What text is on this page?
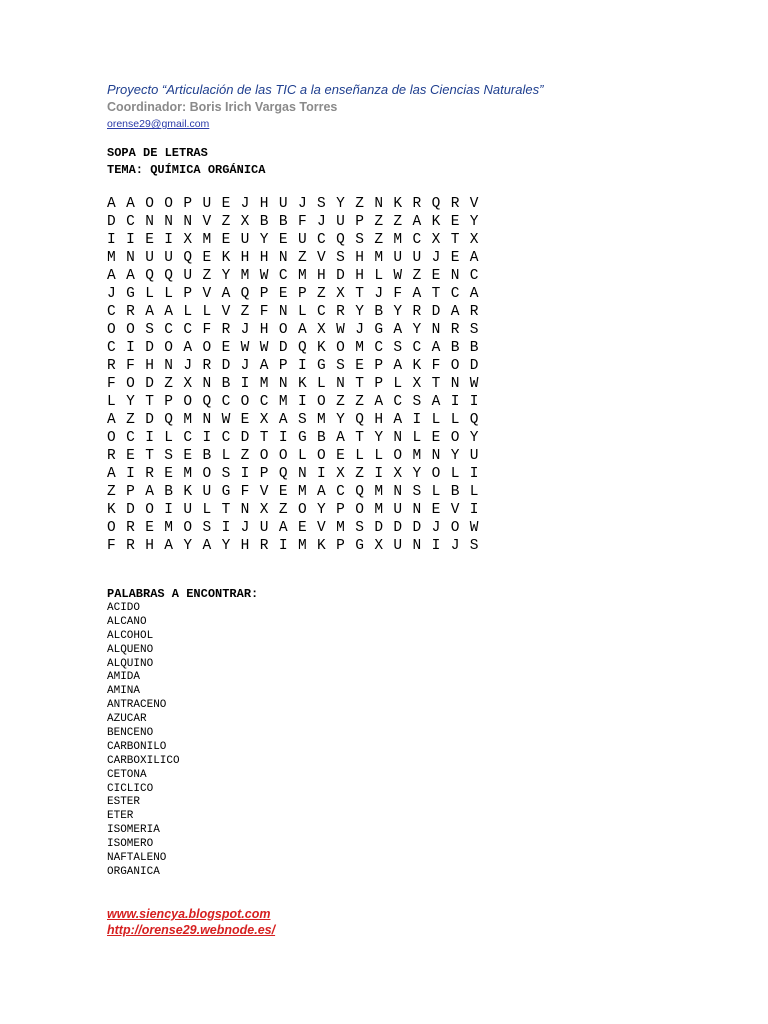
Proyecto “Articulación de las TIC a la enseñanza de las Ciencias Naturales”
Coordinador: Boris Irich Vargas Torres
orense29@gmail.com
SOPA DE LETRAS
TEMA: QUÍMICA ORGÁNICA
A A O O P U E J H U J S Y Z N K R Q R V
D C N N N V Z X B B F J U P Z Z A K E Y
I I E I X M E U Y E U C Q S Z M C X T X
M N U U Q E K H H N Z V S H M U U J E A
A A Q Q U Z Y M W C M H D H L W Z E N C
J G L L P V A Q P E P Z X T J F A T C A
C R A A L L V Z F N L C R Y B Y R D A R
O O S C C F R J H O A X W J G A Y N R S
C I D O A O E W W D Q K O M C S C A B B
R F H N J R D J A P I G S E P A K F O D
F O D Z X N B I M N K L N T P L X T N W
L Y T P O Q C O C M I O Z Z A C S A I I
A Z D Q M N W E X A S M Y Q H A I L L Q
O C I L C I C D T I G B A T Y N L E O Y
R E T S E B L Z O O L O E L L O M N Y U
A I R E M O S I P Q N I X Z I X Y O L I
Z P A B K U G F V E M A C Q M N S L B L
K D O I U L T N X Z O Y P O M U N E V I
O R E M O S I J U A E V M S D D D J O W
F R H A Y A Y H R I M K P G X U N I J S
PALABRAS A ENCONTRAR:
ACIDO
ALCANO
ALCOHOL
ALQUENO
ALQUINO
AMIDA
AMINA
ANTRACENO
AZUCAR
BENCENO
CARBONILO
CARBOXILICO
CETONA
CICLICO
ESTER
ETER
ISOMERIA
ISOMERO
NAFTALENO
ORGANICA
www.siencya.blogspot.com
http://orense29.webnode.es/
